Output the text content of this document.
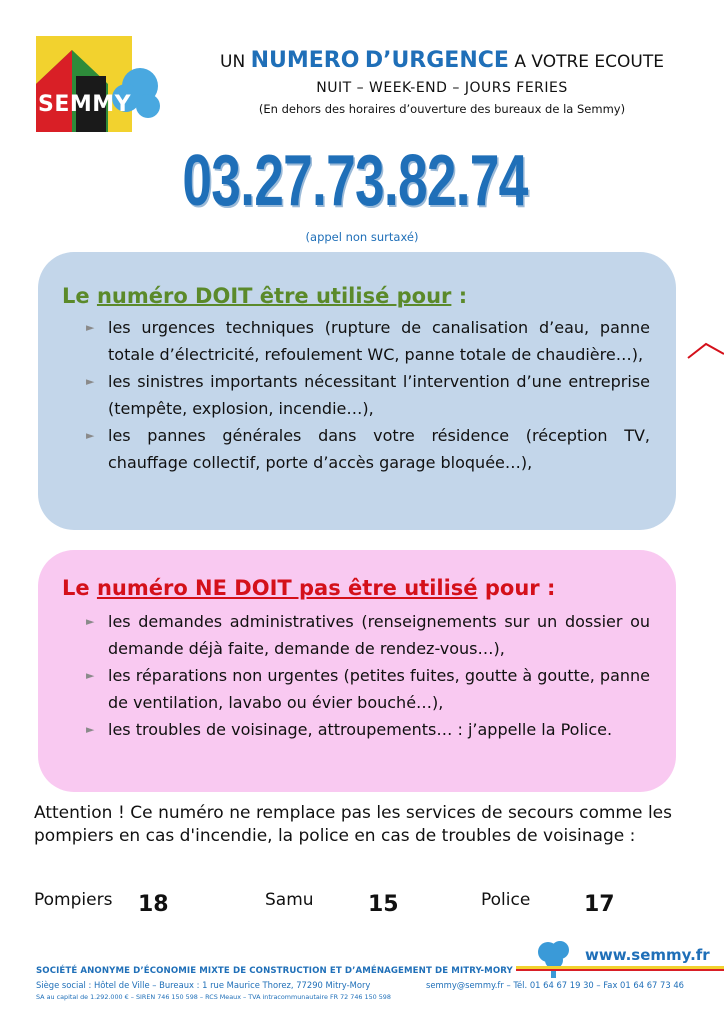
SEMMY
UN NUMERO D’URGENCE A VOTRE ECOUTE
NUIT – WEEK-END – JOURS FERIES
(En dehors des horaires d’ouverture des bureaux de la Semmy)
03.27.73.82.74
(appel non surtaxé)
Le numéro DOIT être utilisé pour :
► les urgences techniques (rupture de canalisation d’eau, panne totale d’électricité, refoulement WC, panne totale de chaudière…),
► les sinistres importants nécessitant l’intervention d’une entreprise (tempête, explosion, incendie…),
► les pannes générales dans votre résidence (réception TV, chauffage collectif, porte d’accès garage bloquée…),
Le numéro NE DOIT pas être utilisé pour :
► les demandes administratives (renseignements sur un dossier ou demande déjà faite, demande de rendez-vous…),
► les réparations non urgentes (petites fuites, goutte à goutte, panne de ventilation, lavabo ou évier bouché…),
► les troubles de voisinage, attroupements… : j’appelle la Police.
Attention ! Ce numéro ne remplace pas les services de secours comme les pompiers en cas d'incendie, la police en cas de troubles de voisinage :
Pompiers 18	Samu 15	Police 17
www.semmy.fr
SOCIÉTÉ ANONYME D’ÉCONOMIE MIXTE DE CONSTRUCTION ET D’AMÉNAGEMENT DE MITRY-MORY
Siège social : Hôtel de Ville – Bureaux : 1 rue Maurice Thorez, 77290 Mitry-Mory
SA au capital de 1.292.000 € – SIREN 746 150 598 – RCS Meaux – TVA intracommunautaire FR 72 746 150 598
semmy@semmy.fr – Tél. 01 64 67 19 30 – Fax 01 64 67 73 46
